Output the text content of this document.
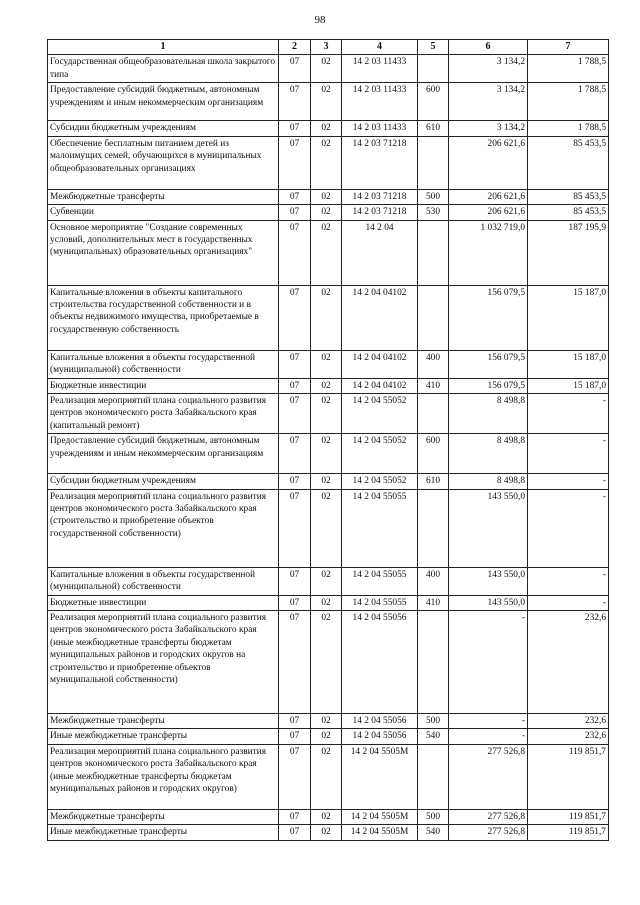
98
1	2	3	4	5	6	7
Государственная общеобразовательная школа закрытого типа	07	02	14 2 03 11433		3 134,2	1 788,5
Предоставление субсидий бюджетным, автономным учреждениям и иным некоммерческим организациям	07	02	14 2 03 11433	600	3 134,2	1 788,5
Субсидии бюджетным учреждениям	07	02	14 2 03 11433	610	3 134,2	1 788,5
Обеспечение бесплатным питанием детей из малоимущих семей, обучающихся в муниципальных общеобразовательных организациях	07	02	14 2 03 71218		206 621,6	85 453,5
Межбюджетные трансферты	07	02	14 2 03 71218	500	206 621,6	85 453,5
Субвенции	07	02	14 2 03 71218	530	206 621,6	85 453,5
Основное мероприятие "Создание современных условий, дополнительных мест в государственных (муниципальных) образовательных организациях"	07	02	14 2 04		1 032 719,0	187 195,9
Капитальные вложения в объекты капитального строительства государственной собственности и в объекты недвижимого имущества, приобретаемые в государственную собственность	07	02	14 2 04 04102		156 079,5	15 187,0
Капитальные вложения в объекты государственной (муниципальной) собственности	07	02	14 2 04 04102	400	156 079,5	15 187,0
Бюджетные инвестиции	07	02	14 2 04 04102	410	156 079,5	15 187,0
Реализация мероприятий плана социального развития центров экономического роста Забайкальского края (капитальный ремонт)	07	02	14 2 04 55052		8 498,8	-
Предоставление субсидий бюджетным, автономным учреждениям и иным некоммерческим организациям	07	02	14 2 04 55052	600	8 498,8	-
Субсидии бюджетным учреждениям	07	02	14 2 04 55052	610	8 498,8	-
Реализация мероприятий плана социального развития центров экономического роста Забайкальского края (строительство и приобретение объектов государственной собственности)	07	02	14 2 04 55055		143 550,0	-
Капитальные вложения в объекты государственной (муниципальной) собственности	07	02	14 2 04 55055	400	143 550,0	-
Бюджетные инвестиции	07	02	14 2 04 55055	410	143 550,0	-
Реализация мероприятий плана социального развития центров экономического роста Забайкальского края (иные межбюджетные трансферты бюджетам муниципальных районов и городских округов на строительство и приобретение объектов муниципальной собственности)	07	02	14 2 04 55056		-	232,6
Межбюджетные трансферты	07	02	14 2 04 55056	500	-	232,6
Иные межбюджетные трансферты	07	02	14 2 04 55056	540	-	232,6
Реализация мероприятий плана социального развития центров экономического роста Забайкальского края (иные межбюджетные трансферты бюджетам муниципальных районов и городских округов)	07	02	14 2 04 5505М		277 526,8	119 851,7
Межбюджетные трансферты	07	02	14 2 04 5505М	500	277 526,8	119 851,7
Иные межбюджетные трансферты	07	02	14 2 04 5505М	540	277 526,8	119 851,7
